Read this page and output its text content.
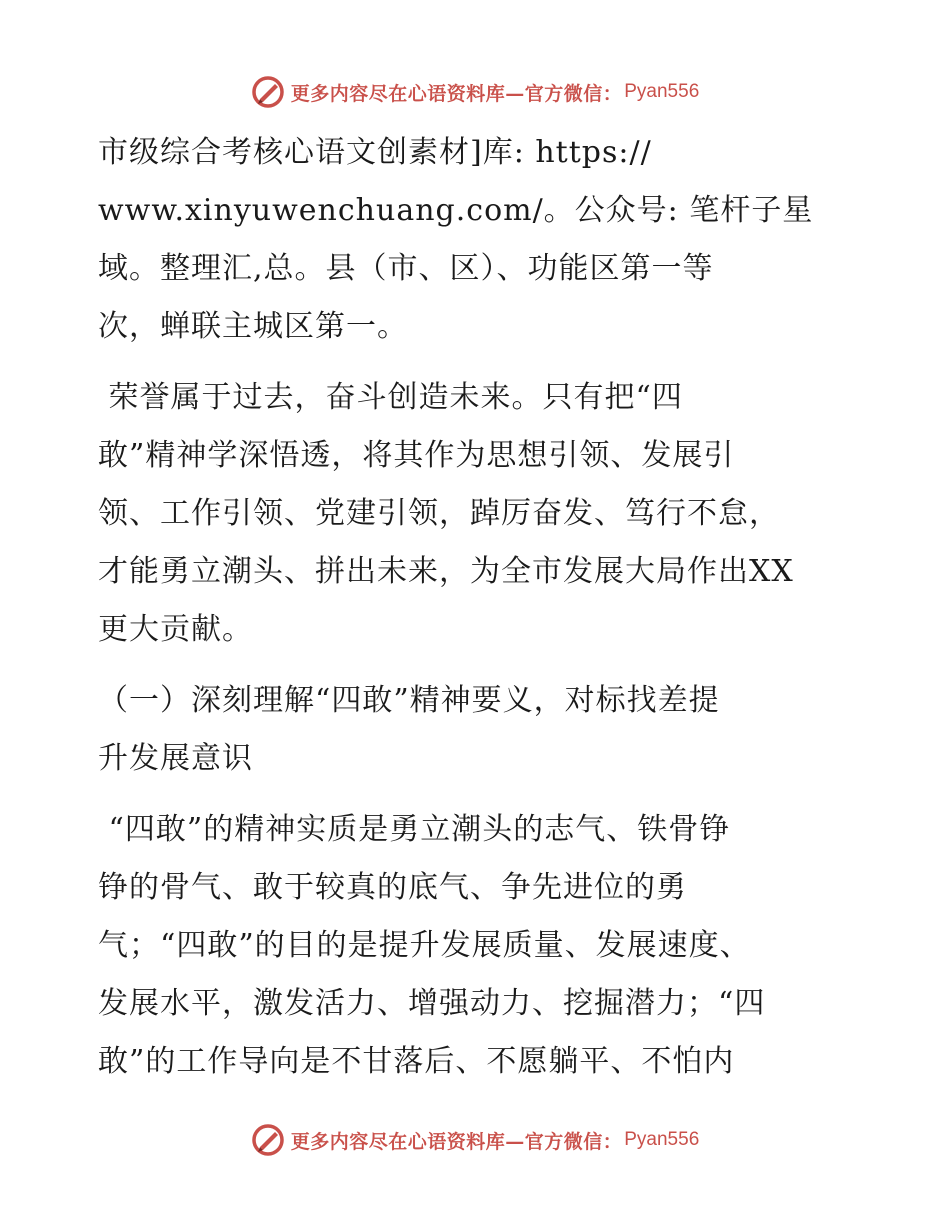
更多内容尽在心语资料库—官方微信： Pyan556

市级综合考核心语文创素材]库: https://
www.xinyuwenchuang.com/。公众号: 笔杆子星
域。整理汇,总。县（市、区）、功能区第一等
次，蝉联主城区第一。

荣誉属于过去，奋斗创造未来。只有把“四
敢”精神学深悟透，将其作为思想引领、发展引
领、工作引领、党建引领，踔厉奋发、笃行不怠，
才能勇立潮头、拼出未来，为全市发展大局作出XX
更大贡献。

（一）深刻理解“四敢”精神要义，对标找差提
升发展意识

“四敢”的精神实质是勇立潮头的志气、铁骨铮
铮的骨气、敢于较真的底气、争先进位的勇
气；“四敢”的目的是提升发展质量、发展速度、
发展水平，激发活力、增强动力、挖掘潜力；“四
敢”的工作导向是不甘落后、不愿躺平、不怕内

更多内容尽在心语资料库—官方微信： Pyan556
